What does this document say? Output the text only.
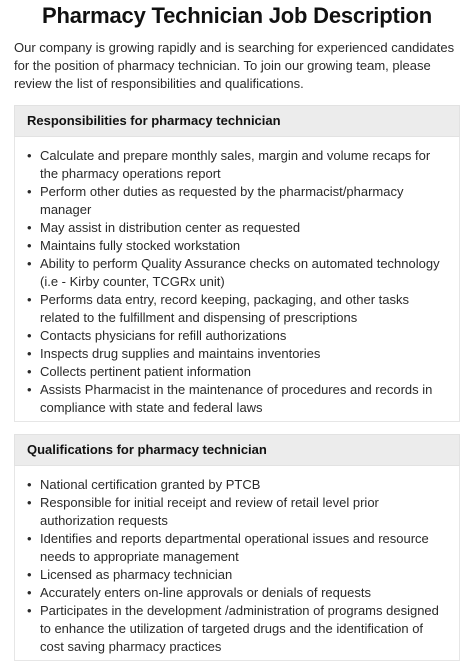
Pharmacy Technician Job Description

Our company is growing rapidly and is searching for experienced candidates for the position of pharmacy technician. To join our growing team, please review the list of responsibilities and qualifications.

Responsibilities for pharmacy technician
• Calculate and prepare monthly sales, margin and volume recaps for the pharmacy operations report
• Perform other duties as requested by the pharmacist/pharmacy manager
• May assist in distribution center as requested
• Maintains fully stocked workstation
• Ability to perform Quality Assurance checks on automated technology (i.e - Kirby counter, TCGRx unit)
• Performs data entry, record keeping, packaging, and other tasks related to the fulfillment and dispensing of prescriptions
• Contacts physicians for refill authorizations
• Inspects drug supplies and maintains inventories
• Collects pertinent patient information
• Assists Pharmacist in the maintenance of procedures and records in compliance with state and federal laws
Qualifications for pharmacy technician
• National certification granted by PTCB
• Responsible for initial receipt and review of retail level prior authorization requests
• Identifies and reports departmental operational issues and resource needs to appropriate management
• Licensed as pharmacy technician
• Accurately enters on-line approvals or denials of requests
• Participates in the development /administration of programs designed to enhance the utilization of targeted drugs and the identification of cost saving pharmacy practices
